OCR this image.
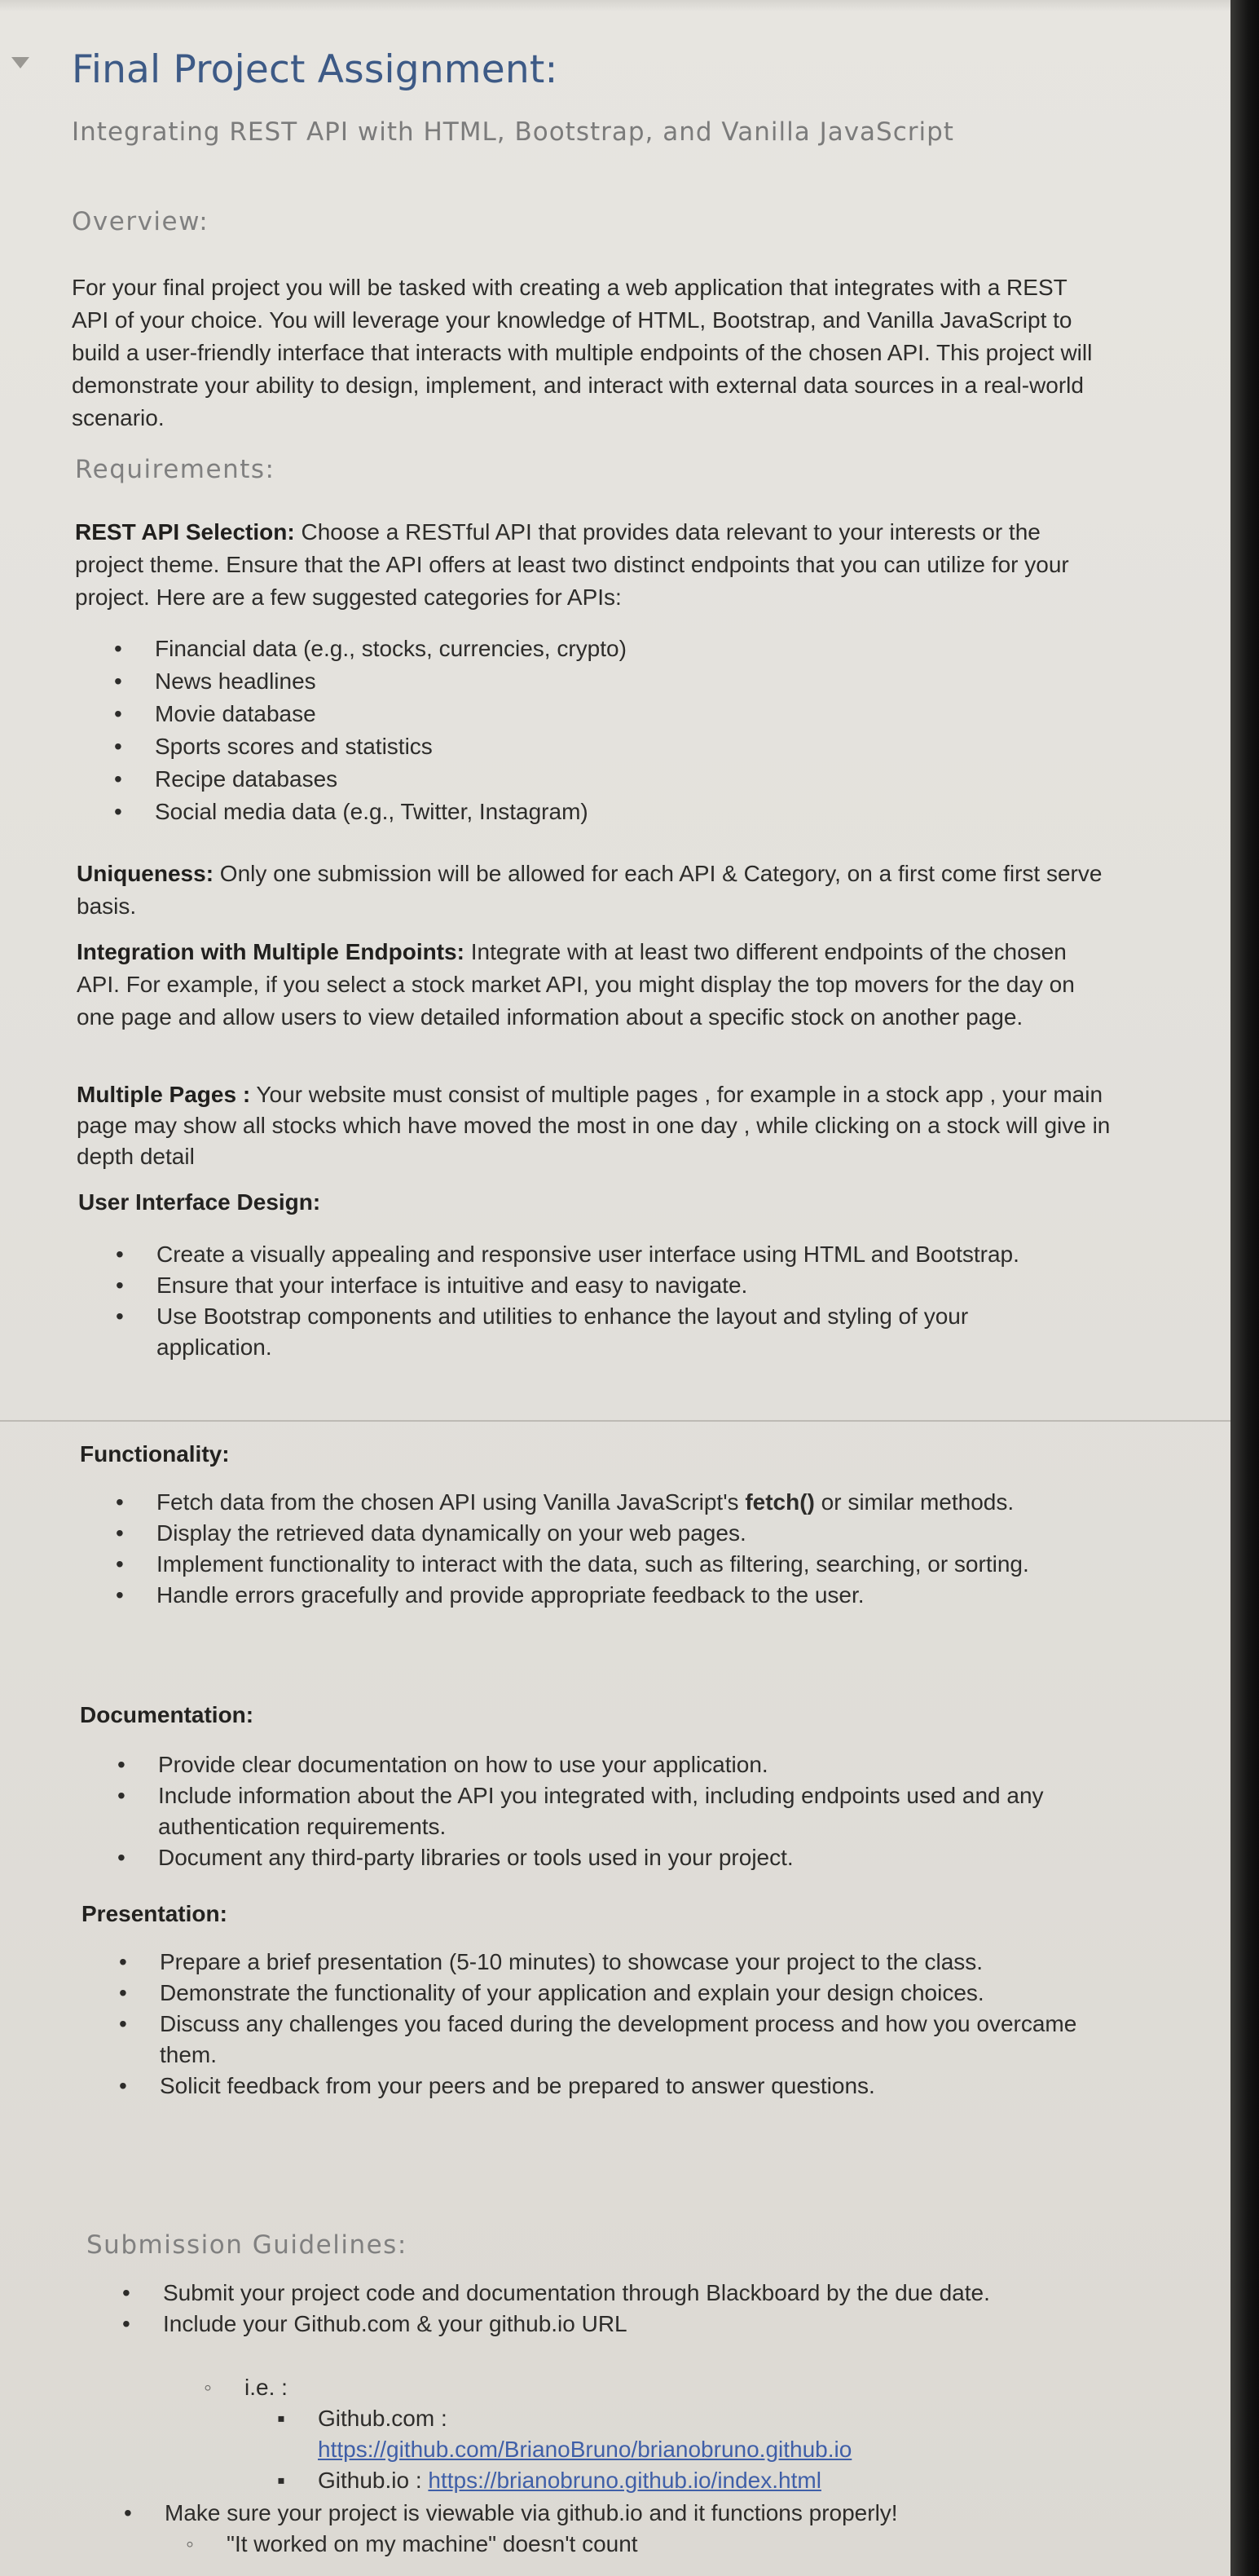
Final Project Assignment:

Integrating REST API with HTML, Bootstrap, and Vanilla JavaScript

Overview:

For your final project you will be tasked with creating a web application that integrates with a REST API of your choice. You will leverage your knowledge of HTML, Bootstrap, and Vanilla JavaScript to build a user-friendly interface that interacts with multiple endpoints of the chosen API. This project will demonstrate your ability to design, implement, and interact with external data sources in a real-world scenario.

Requirements:

REST API Selection: Choose a RESTful API that provides data relevant to your interests or the project theme. Ensure that the API offers at least two distinct endpoints that you can utilize for your project. Here are a few suggested categories for APIs:

• Financial data (e.g., stocks, currencies, crypto)
• News headlines
• Movie database
• Sports scores and statistics
• Recipe databases
• Social media data (e.g., Twitter, Instagram)

Uniqueness: Only one submission will be allowed for each API & Category, on a first come first serve basis.

Integration with Multiple Endpoints: Integrate with at least two different endpoints of the chosen API. For example, if you select a stock market API, you might display the top movers for the day on one page and allow users to view detailed information about a specific stock on another page.

Multiple Pages : Your website must consist of multiple pages , for example in a stock app , your main page may show all stocks which have moved the most in one day , while clicking on a stock will give in depth detail

User Interface Design:

• Create a visually appealing and responsive user interface using HTML and Bootstrap.
• Ensure that your interface is intuitive and easy to navigate.
• Use Bootstrap components and utilities to enhance the layout and styling of your application.

Functionality:

• Fetch data from the chosen API using Vanilla JavaScript's fetch() or similar methods.
• Display the retrieved data dynamically on your web pages.
• Implement functionality to interact with the data, such as filtering, searching, or sorting.
• Handle errors gracefully and provide appropriate feedback to the user.

Documentation:

• Provide clear documentation on how to use your application.
• Include information about the API you integrated with, including endpoints used and any authentication requirements.
• Document any third-party libraries or tools used in your project.

Presentation:

• Prepare a brief presentation (5-10 minutes) to showcase your project to the class.
• Demonstrate the functionality of your application and explain your design choices.
• Discuss any challenges you faced during the development process and how you overcame them.
• Solicit feedback from your peers and be prepared to answer questions.

Submission Guidelines:

• Submit your project code and documentation through Blackboard by the due date.
• Include your Github.com & your github.io URL
◦ i.e. :
▪ Github.com :
https://github.com/BrianoBruno/brianobruno.github.io
▪ Github.io : https://brianobruno.github.io/index.html
• Make sure your project is viewable via github.io and it functions properly!
◦ "It worked on my machine" doesn't count
